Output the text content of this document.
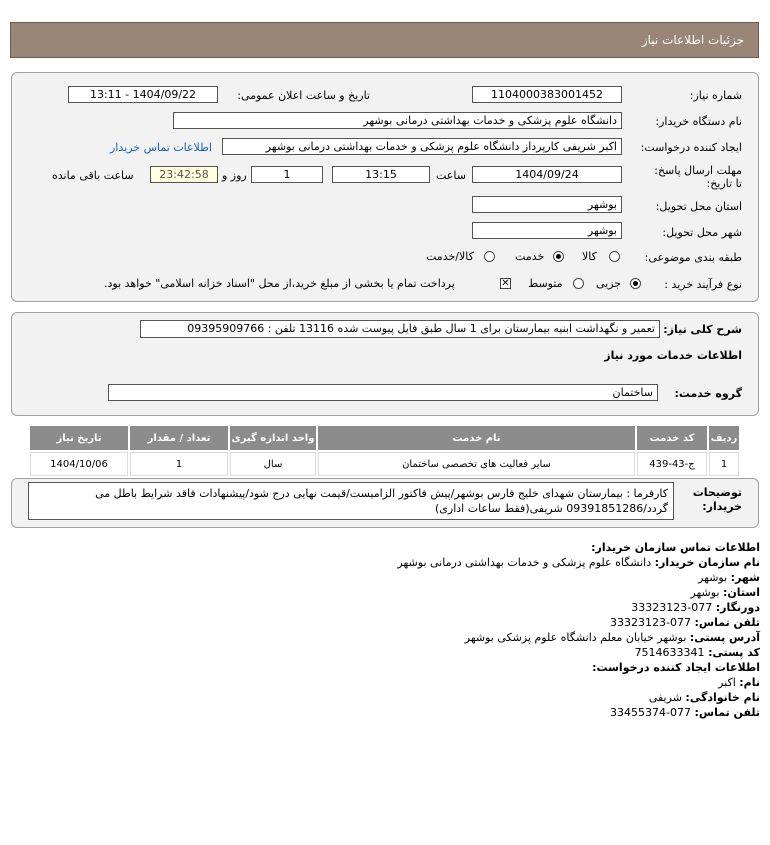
جزئیات اطلاعات نیاز
شماره نیاز:
1104000383001452
تاریخ و ساعت اعلان عمومی:
1404/09/22 - 13:11
نام دستگاه خریدار:
دانشگاه علوم پزشکی و خدمات بهداشتی درمانی بوشهر
ایجاد کننده درخواست:
اکبر شریفی کارپرداز دانشگاه علوم پزشکی و خدمات بهداشتی درمانی بوشهر
اطلاعات تماس خریدار
مهلت ارسال پاسخ: تا تاریخ:
1404/09/24
ساعت
13:15
1
روز و
23:42:58
ساعت باقی مانده
استان محل تحویل:
بوشهر
شهر محل تحویل:
بوشهر
طبقه بندی موضوعی:
کالا
خدمت
کالا/خدمت
نوع فرآیند خرید :
جزیی
متوسط
✕
پرداخت تمام یا بخشی از مبلغ خرید،از محل "اسناد خزانه اسلامی" خواهد بود.
شرح کلی نیاز:
تعمیر و نگهداشت ابنیه بیمارستان برای 1 سال طبق فایل پیوست شده 13116 تلفن : 09395909766
اطلاعات خدمات مورد نیاز
گروه خدمت:
ساختمان
ردیف	کد خدمت	نام خدمت	واحد اندازه گیری	تعداد / مقدار	تاریخ نیاز
1	ج-43-439	سایر فعالیت های تخصصی ساختمان	سال	1	1404/10/06
توضیحات خریدار:
کارفرما : بیمارستان شهدای خلیج فارس بوشهر/پیش فاکتور الزامیست/قیمت نهایی درج شود/پیشنهادات فاقد شرایط باطل می گردد/09391851286 شریفی(فقط ساعات اداری)
اطلاعات تماس سازمان خریدار:
نام سازمان خریدار: دانشگاه علوم پزشکی و خدمات بهداشتی درمانی بوشهر
شهر: بوشهر
استان: بوشهر
دورنگار: 077-33323123
تلفن تماس: 077-33323123
آدرس پستی: بوشهر خیابان معلم دانشگاه علوم پزشکی بوشهر
کد پستی: 7514633341
اطلاعات ایجاد کننده درخواست:
نام: اکبر
نام خانوادگی: شریفی
تلفن تماس: 077-33455374
